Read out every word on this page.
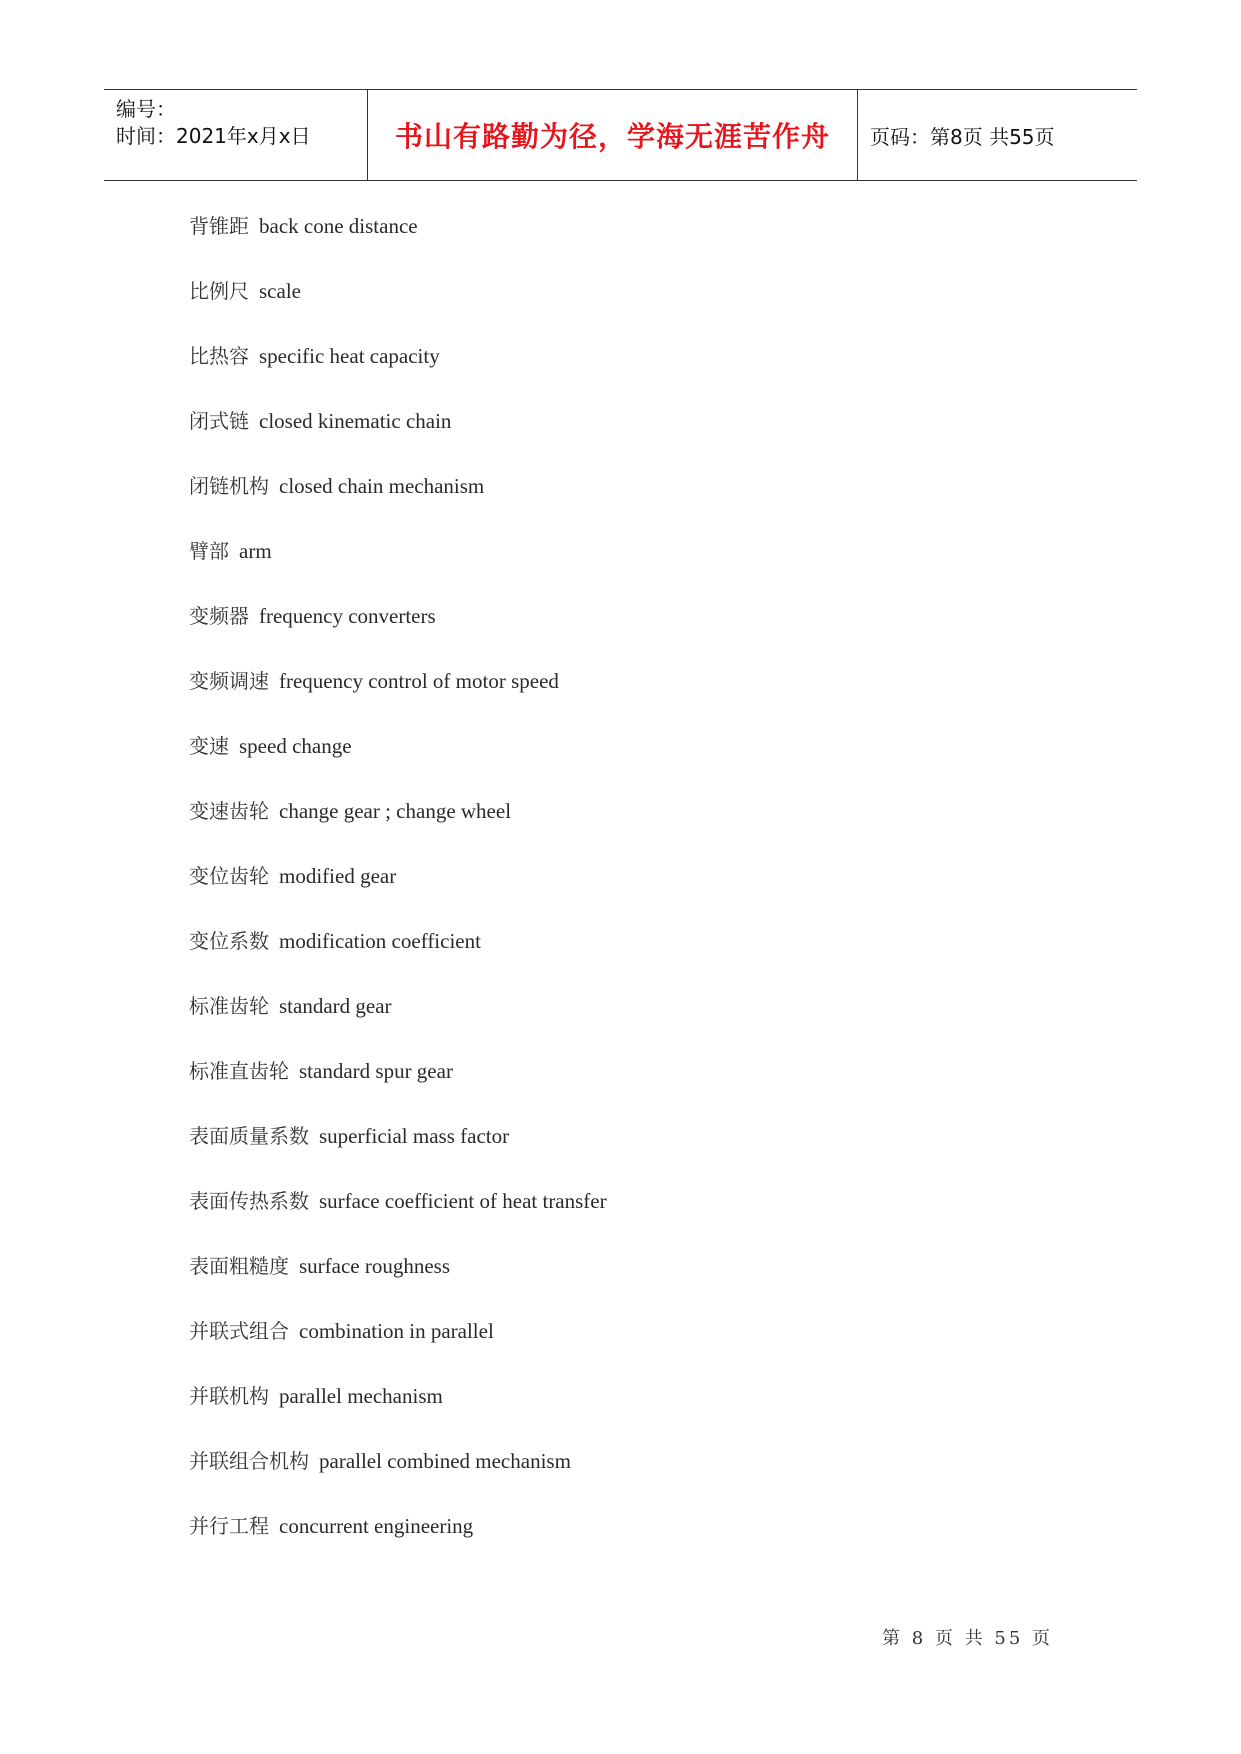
编号：
时间：2021年x月x日	书山有路勤为径，学海无涯苦作舟 页码：第8页 共55页
背锥距 back cone distance
比例尺 scale
比热容 specific heat capacity
闭式链 closed kinematic chain
闭链机构 closed chain mechanism
臂部 arm
变频器 frequency converters
变频调速 frequency control of motor speed
变速 speed change
变速齿轮 change gear ; change wheel
变位齿轮 modified gear
变位系数 modification coefficient
标准齿轮 standard gear
标准直齿轮 standard spur gear
表面质量系数 superficial mass factor
表面传热系数 surface coefficient of heat transfer
表面粗糙度 surface roughness
并联式组合 combination in parallel
并联机构 parallel mechanism
并联组合机构 parallel combined mechanism
并行工程 concurrent engineering
第 8 页 共 55 页
